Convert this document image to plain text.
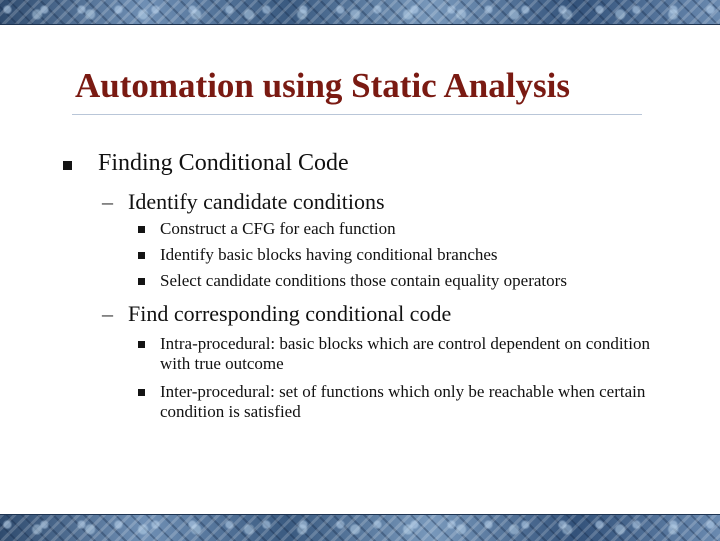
Automation using Static Analysis
Finding Conditional Code
– Identify candidate conditions
Construct a CFG for each function
Identify basic blocks having conditional branches
Select candidate conditions those contain equality operators
– Find corresponding conditional code
Intra-procedural: basic blocks which are control dependent on condition with true outcome
Inter-procedural: set of functions which only be reachable when certain condition is satisfied
